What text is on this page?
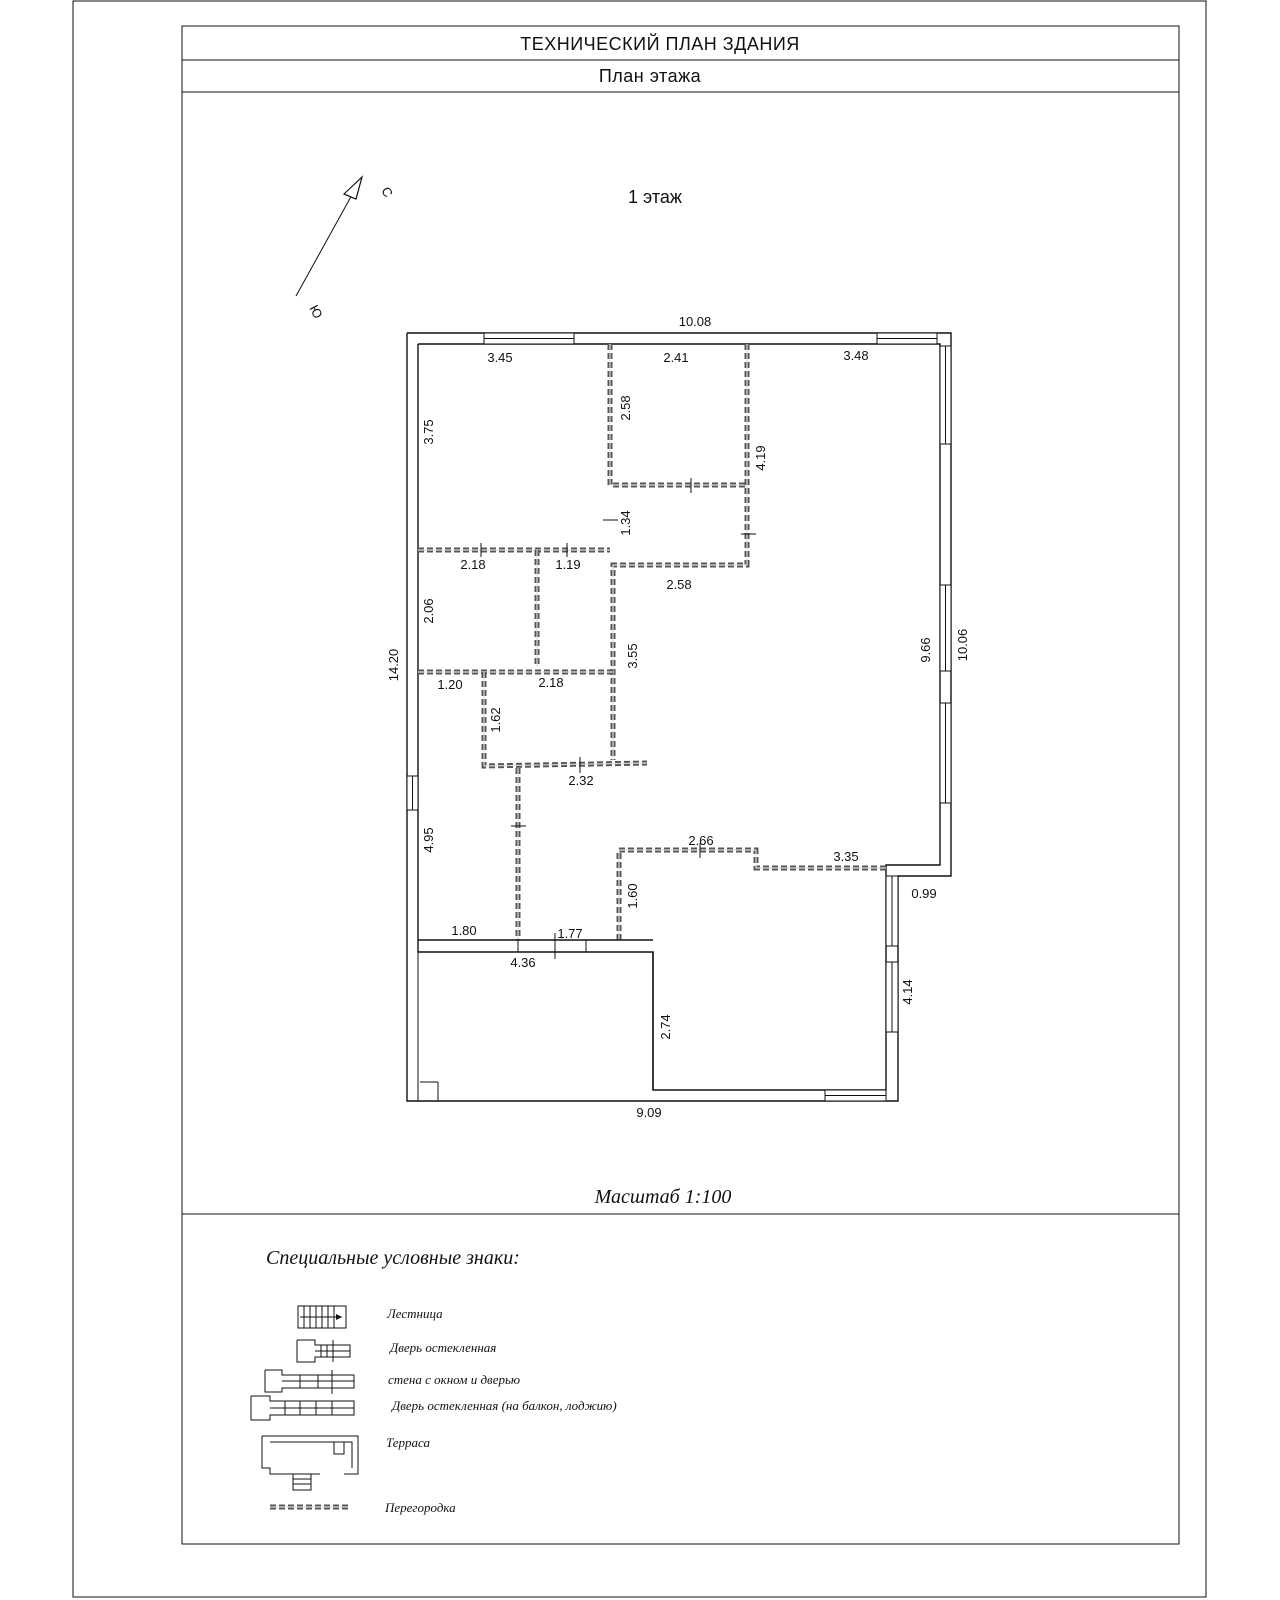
ТЕХНИЧЕСКИЙ ПЛАН ЗДАНИЯ
План этажа
1 этаж
С
Ю
10.08
3.45	2.41	3.48
3.75
2.58
4.19
1.34
2.58
2.18	1.19
2.06
3.55
14.20	9.66 10.06
1.20	2.18
1.62
2.32
4.95
1.80	1.77
2.66
3.35
1.60	0.99
4.36
2.74
4.14
9.09
Масштаб 1:100
Специальные условные знаки:
Лестница
Дверь остекленная
стена с окном и дверью
Дверь остекленная (на балкон, лоджию)
Терраса
Перегородка
